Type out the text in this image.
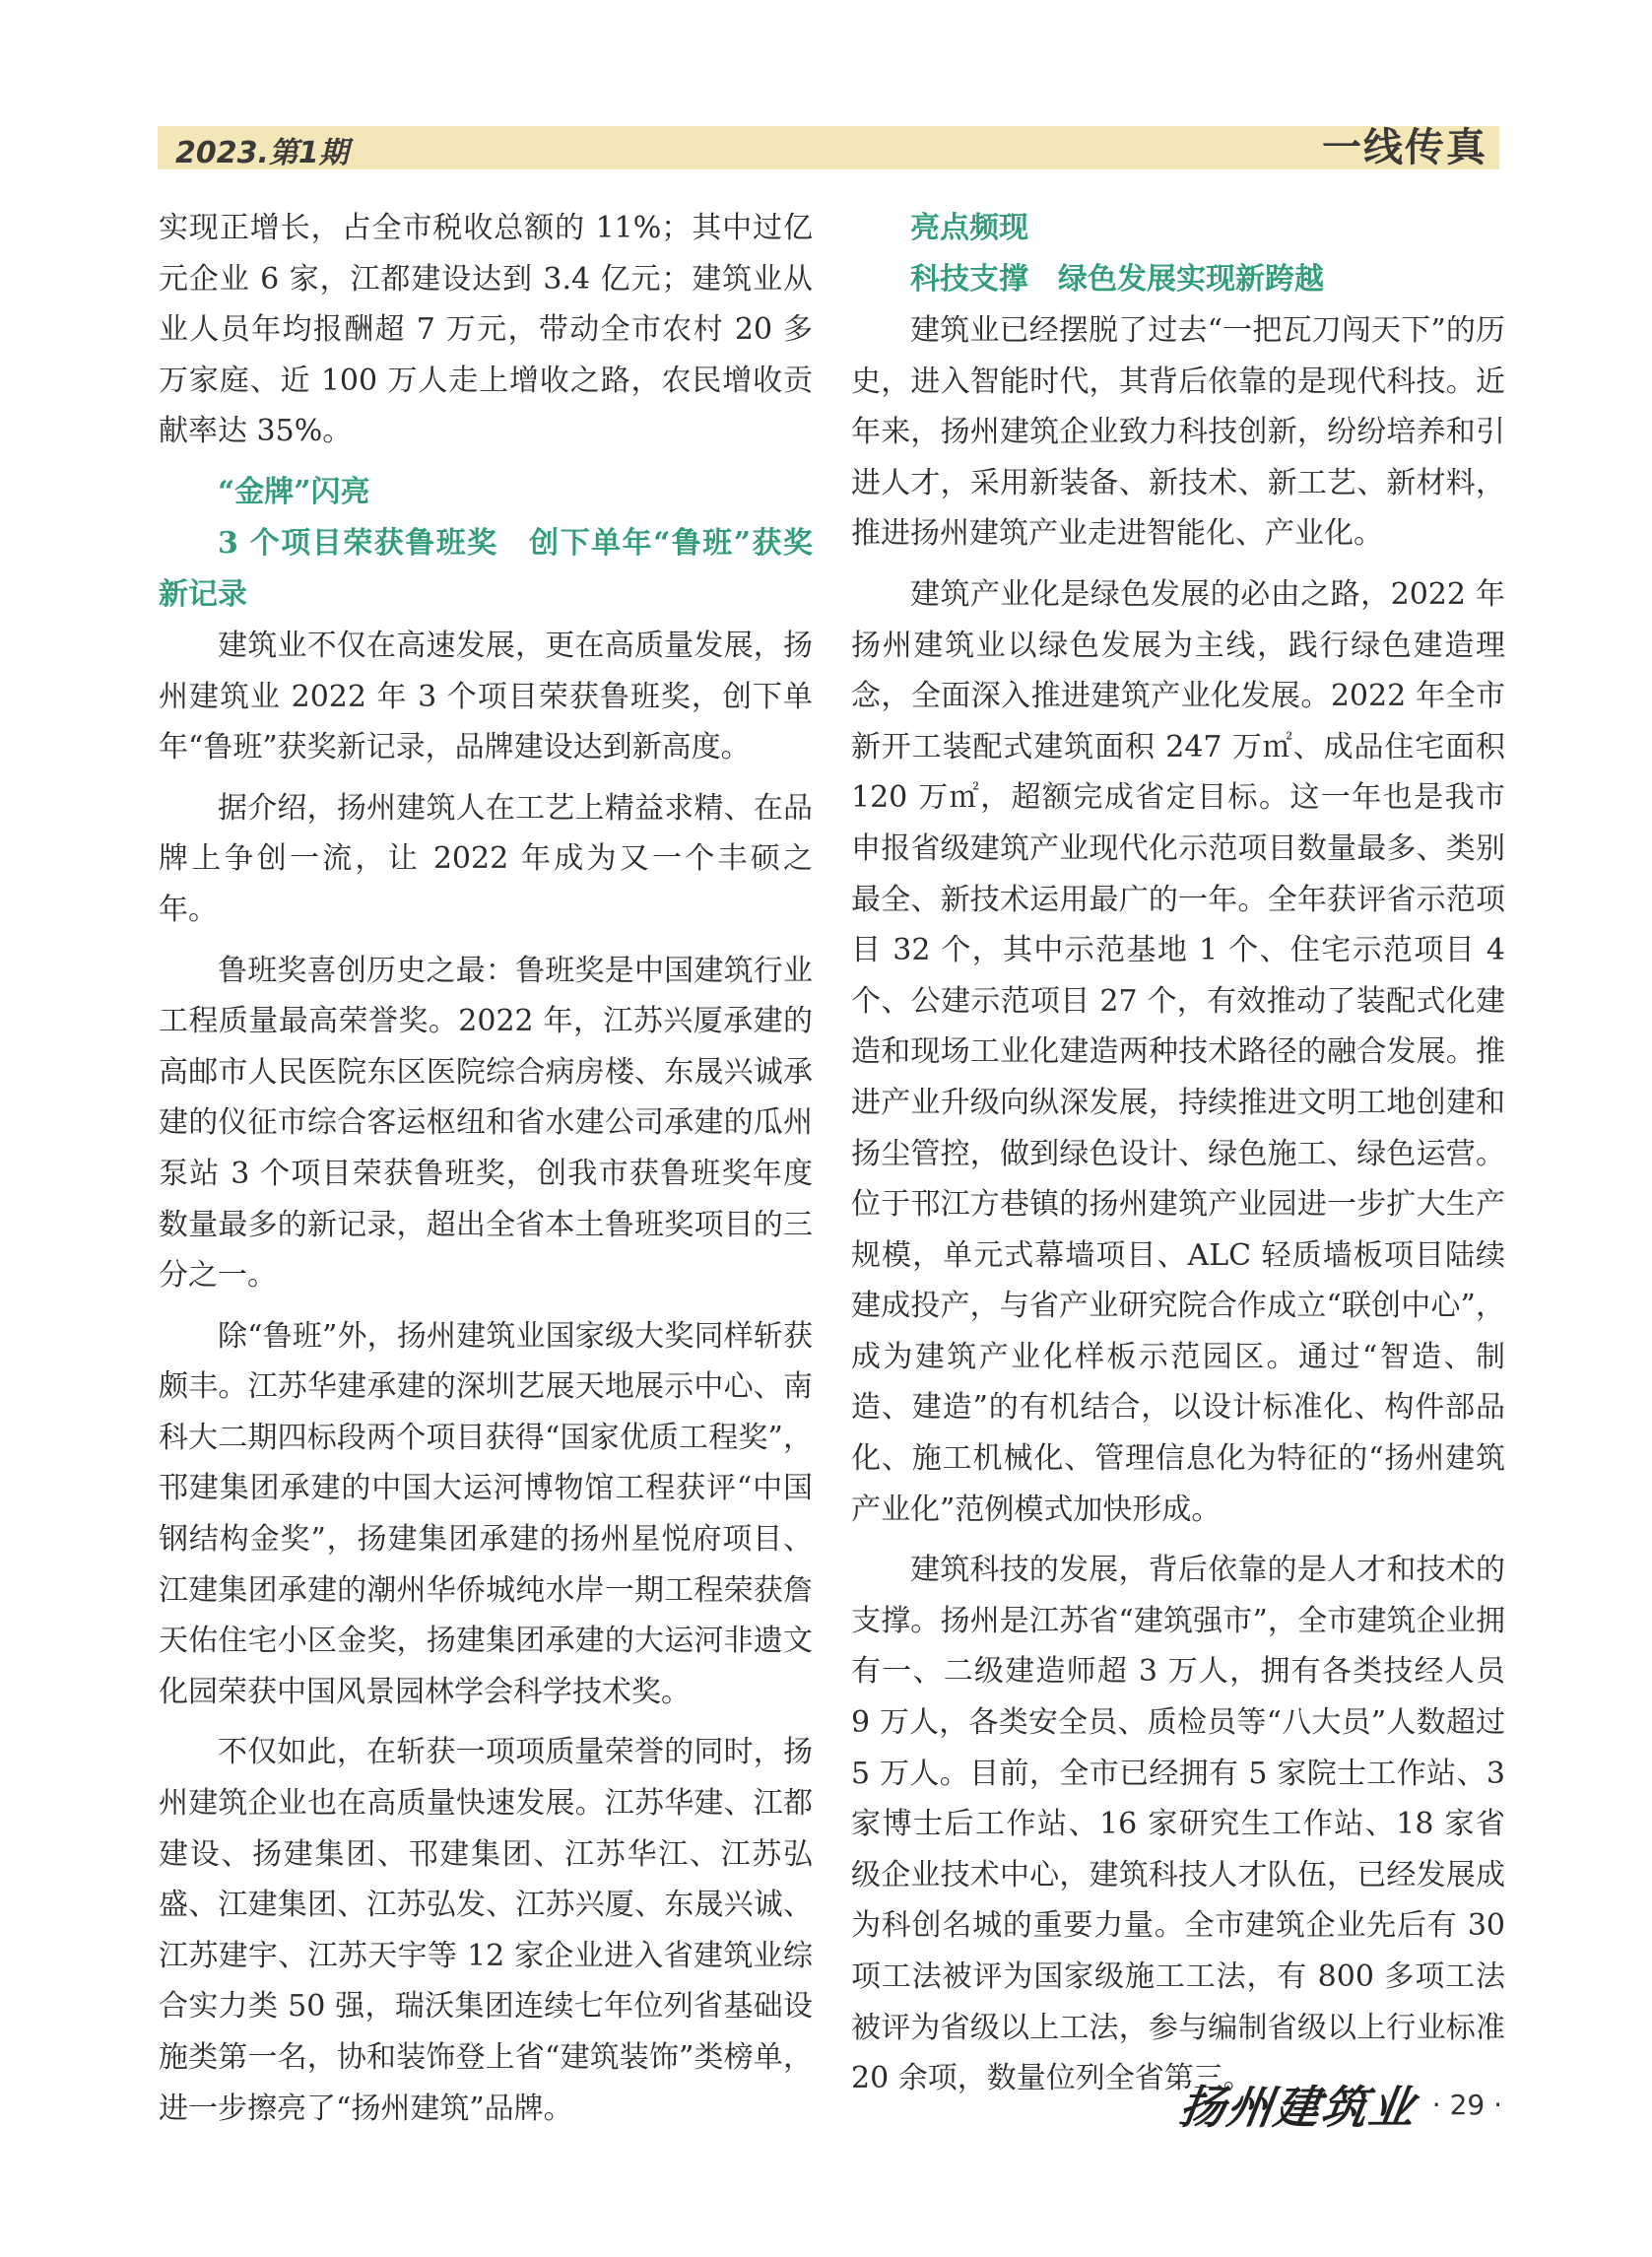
2023.第1期	一线传真

实现正增长，占全市税收总额的 11%；其中过亿元企业 6 家，江都建设达到 3.4 亿元；建筑业从业人员年均报酬超 7 万元，带动全市农村 20 多万家庭、近 100 万人走上增收之路，农民增收贡献率达 35%。

“金牌”闪亮
3 个项目荣获鲁班奖　创下单年“鲁班”获奖新记录

建筑业不仅在高速发展，更在高质量发展，扬州建筑业 2022 年 3 个项目荣获鲁班奖，创下单年“鲁班”获奖新记录，品牌建设达到新高度。

据介绍，扬州建筑人在工艺上精益求精、在品牌上争创一流，让 2022 年成为又一个丰硕之年。

鲁班奖喜创历史之最：鲁班奖是中国建筑行业工程质量最高荣誉奖。2022 年，江苏兴厦承建的高邮市人民医院东区医院综合病房楼、东晟兴诚承建的仪征市综合客运枢纽和省水建公司承建的瓜州泵站 3 个项目荣获鲁班奖，创我市获鲁班奖年度数量最多的新记录，超出全省本土鲁班奖项目的三分之一。

除“鲁班”外，扬州建筑业国家级大奖同样斩获颇丰。江苏华建承建的深圳艺展天地展示中心、南科大二期四标段两个项目获得“国家优质工程奖”，邗建集团承建的中国大运河博物馆工程获评“中国钢结构金奖”，扬建集团承建的扬州星悦府项目、江建集团承建的潮州华侨城纯水岸一期工程荣获詹天佑住宅小区金奖，扬建集团承建的大运河非遗文化园荣获中国风景园林学会科学技术奖。

不仅如此，在斩获一项项质量荣誉的同时，扬州建筑企业也在高质量快速发展。江苏华建、江都建设、扬建集团、邗建集团、江苏华江、江苏弘盛、江建集团、江苏弘发、江苏兴厦、东晟兴诚、江苏建宇、江苏天宇等 12 家企业进入省建筑业综合实力类 50 强，瑞沃集团连续七年位列省基础设施类第一名，协和装饰登上省“建筑装饰”类榜单，进一步擦亮了“扬州建筑”品牌。

亮点频现
科技支撑　绿色发展实现新跨越

建筑业已经摆脱了过去“一把瓦刀闯天下”的历史，进入智能时代，其背后依靠的是现代科技。近年来，扬州建筑企业致力科技创新，纷纷培养和引进人才，采用新装备、新技术、新工艺、新材料，推进扬州建筑产业走进智能化、产业化。

建筑产业化是绿色发展的必由之路，2022 年扬州建筑业以绿色发展为主线，践行绿色建造理念，全面深入推进建筑产业化发展。2022 年全市新开工装配式建筑面积 247 万㎡、成品住宅面积 120 万㎡，超额完成省定目标。这一年也是我市申报省级建筑产业现代化示范项目数量最多、类别最全、新技术运用最广的一年。全年获评省示范项目 32 个，其中示范基地 1 个、住宅示范项目 4 个、公建示范项目 27 个，有效推动了装配式化建造和现场工业化建造两种技术路径的融合发展。推进产业升级向纵深发展，持续推进文明工地创建和扬尘管控，做到绿色设计、绿色施工、绿色运营。位于邗江方巷镇的扬州建筑产业园进一步扩大生产规模，单元式幕墙项目、ALC 轻质墙板项目陆续建成投产，与省产业研究院合作成立“联创中心”，成为建筑产业化样板示范园区。通过“智造、制造、建造”的有机结合，以设计标准化、构件部品化、施工机械化、管理信息化为特征的“扬州建筑产业化”范例模式加快形成。

建筑科技的发展，背后依靠的是人才和技术的支撑。扬州是江苏省“建筑强市”，全市建筑企业拥有一、二级建造师超 3 万人，拥有各类技经人员 9 万人，各类安全员、质检员等“八大员”人数超过 5 万人。目前，全市已经拥有 5 家院士工作站、3 家博士后工作站、16 家研究生工作站、18 家省级企业技术中心，建筑科技人才队伍，已经发展成为科创名城的重要力量。全市建筑企业先后有 30 项工法被评为国家级施工工法，有 800 多项工法被评为省级以上工法，参与编制省级以上行业标准 20 余项，数量位列全省第三。

扬州建筑业 · 29 ·
